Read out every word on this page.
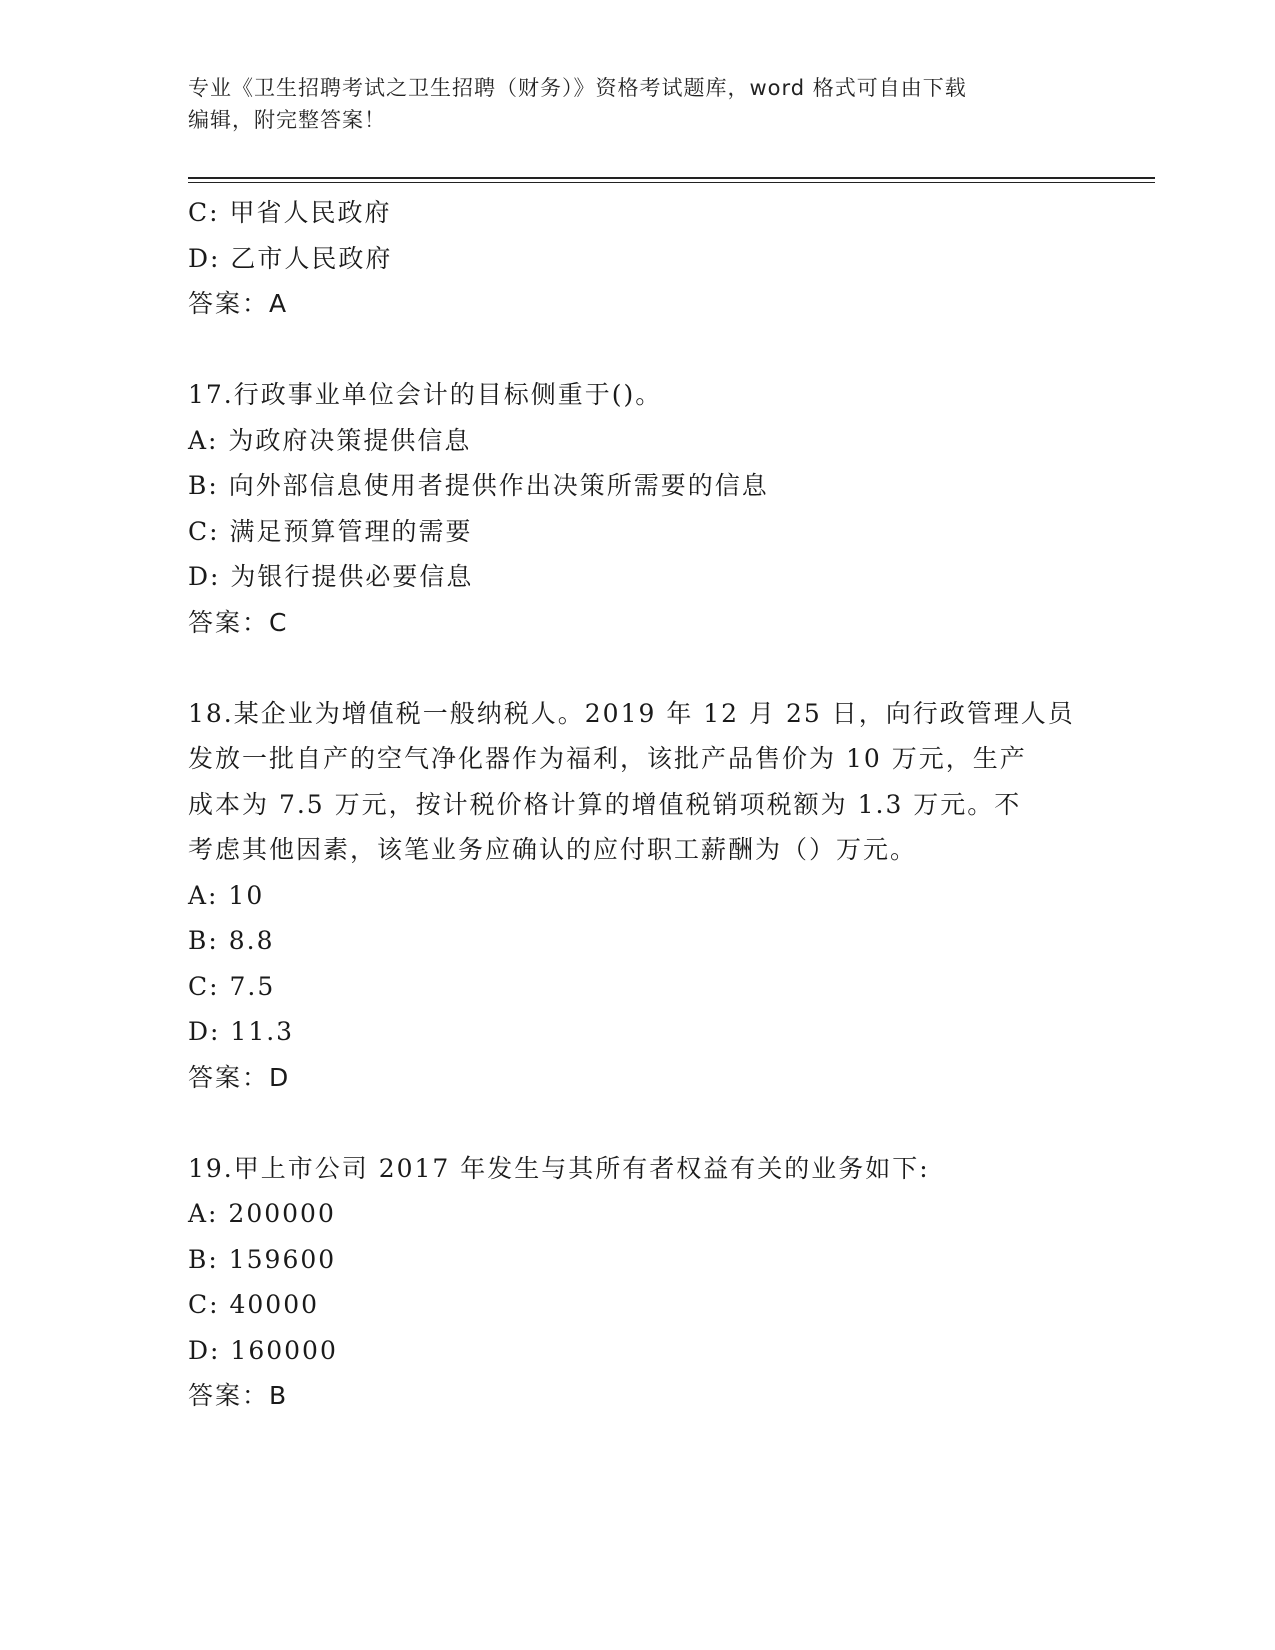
专业《卫生招聘考试之卫生招聘（财务）》资格考试题库，word 格式可自由下载
编辑，附完整答案！
C: 甲省人民政府
D: 乙市人民政府
答案：A
17.行政事业单位会计的目标侧重于()。
A: 为政府决策提供信息
B: 向外部信息使用者提供作出决策所需要的信息
C: 满足预算管理的需要
D: 为银行提供必要信息
答案：C
18.某企业为增值税一般纳税人。2019 年 12 月 25 日，向行政管理人员
发放一批自产的空气净化器作为福利，该批产品售价为 10 万元，生产
成本为 7.5 万元，按计税价格计算的增值税销项税额为 1.3 万元。不
考虑其他因素，该笔业务应确认的应付职工薪酬为（）万元。
A: 10
B: 8.8
C: 7.5
D: 11.3
答案：D
19.甲上市公司 2017 年发生与其所有者权益有关的业务如下:
A: 200000
B: 159600
C: 40000
D: 160000
答案：B
